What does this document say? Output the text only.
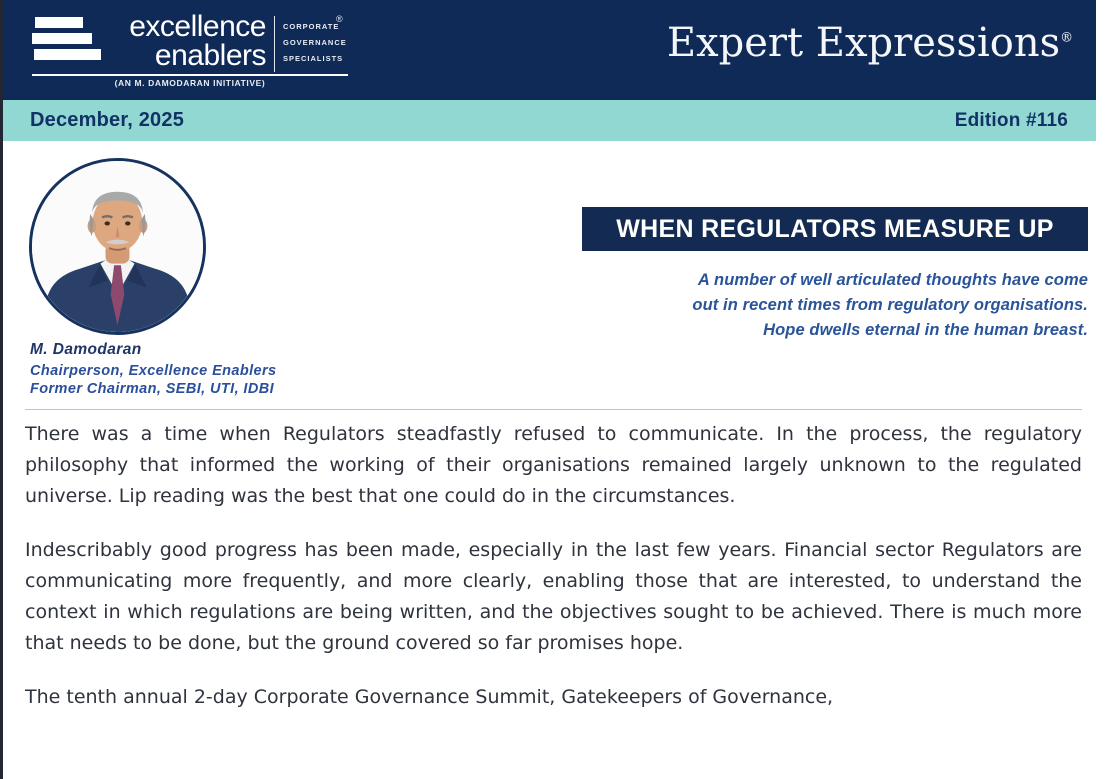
excellence
enablers
CORPORATE
GOVERNANCE
SPECIALISTS
®
(AN M. DAMODARAN INITIATIVE)
Expert Expressions®
December, 2025	Edition #116
M. Damodaran
Chairperson, Excellence Enablers
Former Chairman, SEBI, UTI, IDBI
WHEN REGULATORS MEASURE UP
A number of well articulated thoughts have come
out in recent times from regulatory organisations.
Hope dwells eternal in the human breast.

There was a time when Regulators steadfastly refused to communicate. In the process, the regulatory philosophy that informed the working of their organisations remained largely unknown to the regulated universe. Lip reading was the best that one could do in the circumstances.

Indescribably good progress has been made, especially in the last few years. Financial sector Regulators are communicating more frequently, and more clearly, enabling those that are interested, to understand the context in which regulations are being written, and the objectives sought to be achieved. There is much more that needs to be done, but the ground covered so far promises hope.

The tenth annual 2-day Corporate Governance Summit, Gatekeepers of Governance,
